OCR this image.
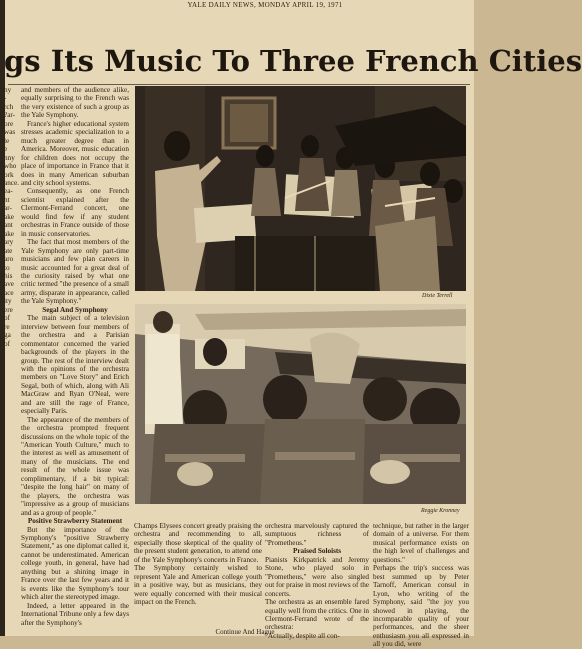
YALE DAILY NEWS, MONDAY APRIL 19, 1971
gs Its Music To Three French Cities
ny
-
rch
?ar-
ore
was
le
e
nny
who
ork
ance.
ea-
nt
ar-
ake
ant
ake
ary
ate
aro
to
his
ave
ace
ity
ere
of
re
ga
of

and members of the audience alike, equally surprising to the French was the very existence of such a group as the Yale Symphony.

France's higher educational system stresses academic specialization to a much greater degree than in America. Moreover, music education for children does not occupy the place of importance in France that it does in many American suburban and city school systems.

Consequently, as one French scientist explained after the Clermont-Ferrand concert, one would find few if any student orchestras in France outside of those in music conservatories.

The fact that most members of the Yale Symphony are only part-time musicians and few plan careers in music accounted for a great deal of the curiosity raised by what one critic termed "the presence of a small army, disparate in appearance, called the Yale Symphony."

Segal And Symphony

The main subject of a television interview between four members of the orchestra and a Parisian commentator concerned the varied backgrounds of the players in the group. The rest of the interview dealt with the opinions of the orchestra members on "Love Story" and Erich Segal, both of which, along with Ali MacGraw and Ryan O'Neal, were and are still the rage of France, especially Paris.

The appearance of the members of the orchestra prompted frequent discussions on the whole topic of the "American Youth Culture," much to the interest as well as amusement of many of the musicians. The end result of the whole issue was complimentary, if a bit typical: "despite the long hair" on many of the players, the orchestra was "impressive as a group of musicians and as a group of people."

Positive Strawberry Statement

But the importance of the Symphony's "positive Strawberry Statement," as one diplomat called it, cannot be underestimated. American college youth, in general, have had anything but a shining image in France over the last few years and it is events like the Symphony's tour which alter the stereotyped image.

Indeed, a letter appeared in the International Tribune only a few days after the Symphony's

Dixie Terrell
Reggie Kronney

Champs Elysees concert greatly praising the orchestra and recommending to all, especially those skeptical of the quality of the present student generation, to attend one of the Yale Symphony's concerts in France.

The Symphony certainly wished to represent Yale and American college youth in a positive way, but as musicians, they were equally concerned with their musical impact on the French.

orchestra marvelously captured the sumptuous richness of "Prometheus."

Praised Soloists

Pianists Kirkpatrick and Jeremy Stone, who played solo in "Prometheus," were also singled out for praise in most reviews of the concerts.

The orchestra as an ensemble fared equally well from the critics. One in Clermont-Ferrand wrote of the orchestra:

"Actually, despite all con-

technique, but rather in the larger domain of a universe. For them musical performance exists on the high level of challenges and questions."

Perhaps the trip's success was best summed up by Peter Tarnoff, American consul in Lyon, who writing of the Symphony, said "the joy you showed in playing, the incomparable quality of your performances, and the sheer enthusiasm you all expressed in all you did, were

Continue And Hague
